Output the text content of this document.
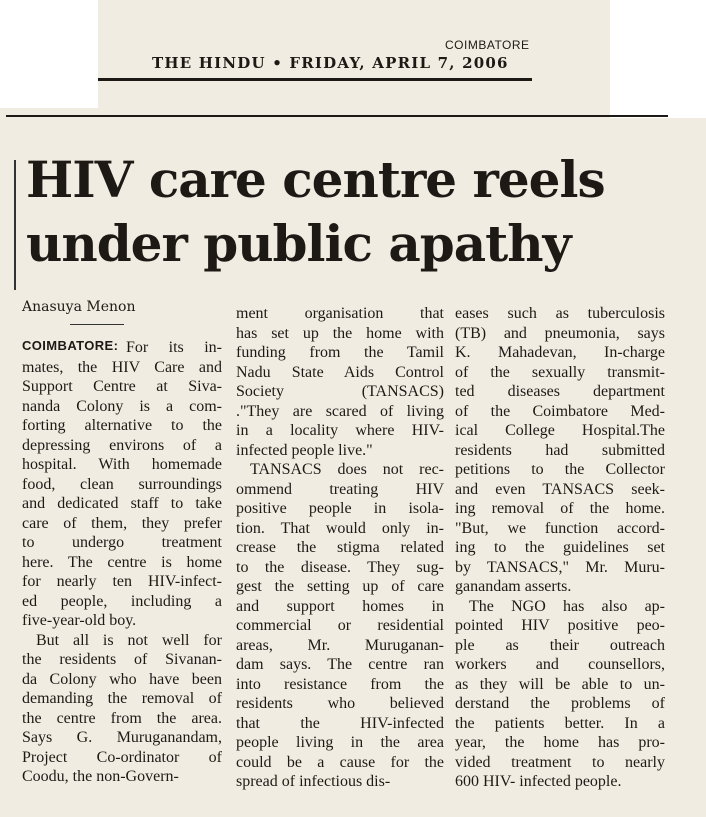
COIMBATORE
THE HINDU • FRIDAY, APRIL 7, 2006
HIV care centre reels
under public apathy
Anasuya Menon
COIMBATORE: For its in-
mates, the HIV Care and
Support Centre at Siva-
nanda Colony is a com-
forting alternative to the
depressing environs of a
hospital. With homemade
food, clean surroundings
and dedicated staff to take
care of them, they prefer
to undergo treatment
here. The centre is home
for nearly ten HIV-infect-
ed people, including a
five-year-old boy.
But all is not well for
the residents of Sivanan-
da Colony who have been
demanding the removal of
the centre from the area.
Says G. Muruganandam,
Project Co-ordinator of
Coodu, the non-Govern-
ment organisation that
has set up the home with
funding from the Tamil
Nadu State Aids Control
Society (TANSACS)
."They are scared of living
in a locality where HIV-
infected people live."
TANSACS does not rec-
ommend treating HIV
positive people in isola-
tion. That would only in-
crease the stigma related
to the disease. They sug-
gest the setting up of care
and support homes in
commercial or residential
areas, Mr. Muruganan-
dam says. The centre ran
into resistance from the
residents who believed
that the HIV-infected
people living in the area
could be a cause for the
spread of infectious dis-
eases such as tuberculosis
(TB) and pneumonia, says
K. Mahadevan, In-charge
of the sexually transmit-
ted diseases department
of the Coimbatore Med-
ical College Hospital.The
residents had submitted
petitions to the Collector
and even TANSACS seek-
ing removal of the home.
"But, we function accord-
ing to the guidelines set
by TANSACS," Mr. Muru-
ganandam asserts.
The NGO has also ap-
pointed HIV positive peo-
ple as their outreach
workers and counsellors,
as they will be able to un-
derstand the problems of
the patients better. In a
year, the home has pro-
vided treatment to nearly
600 HIV- infected people.
